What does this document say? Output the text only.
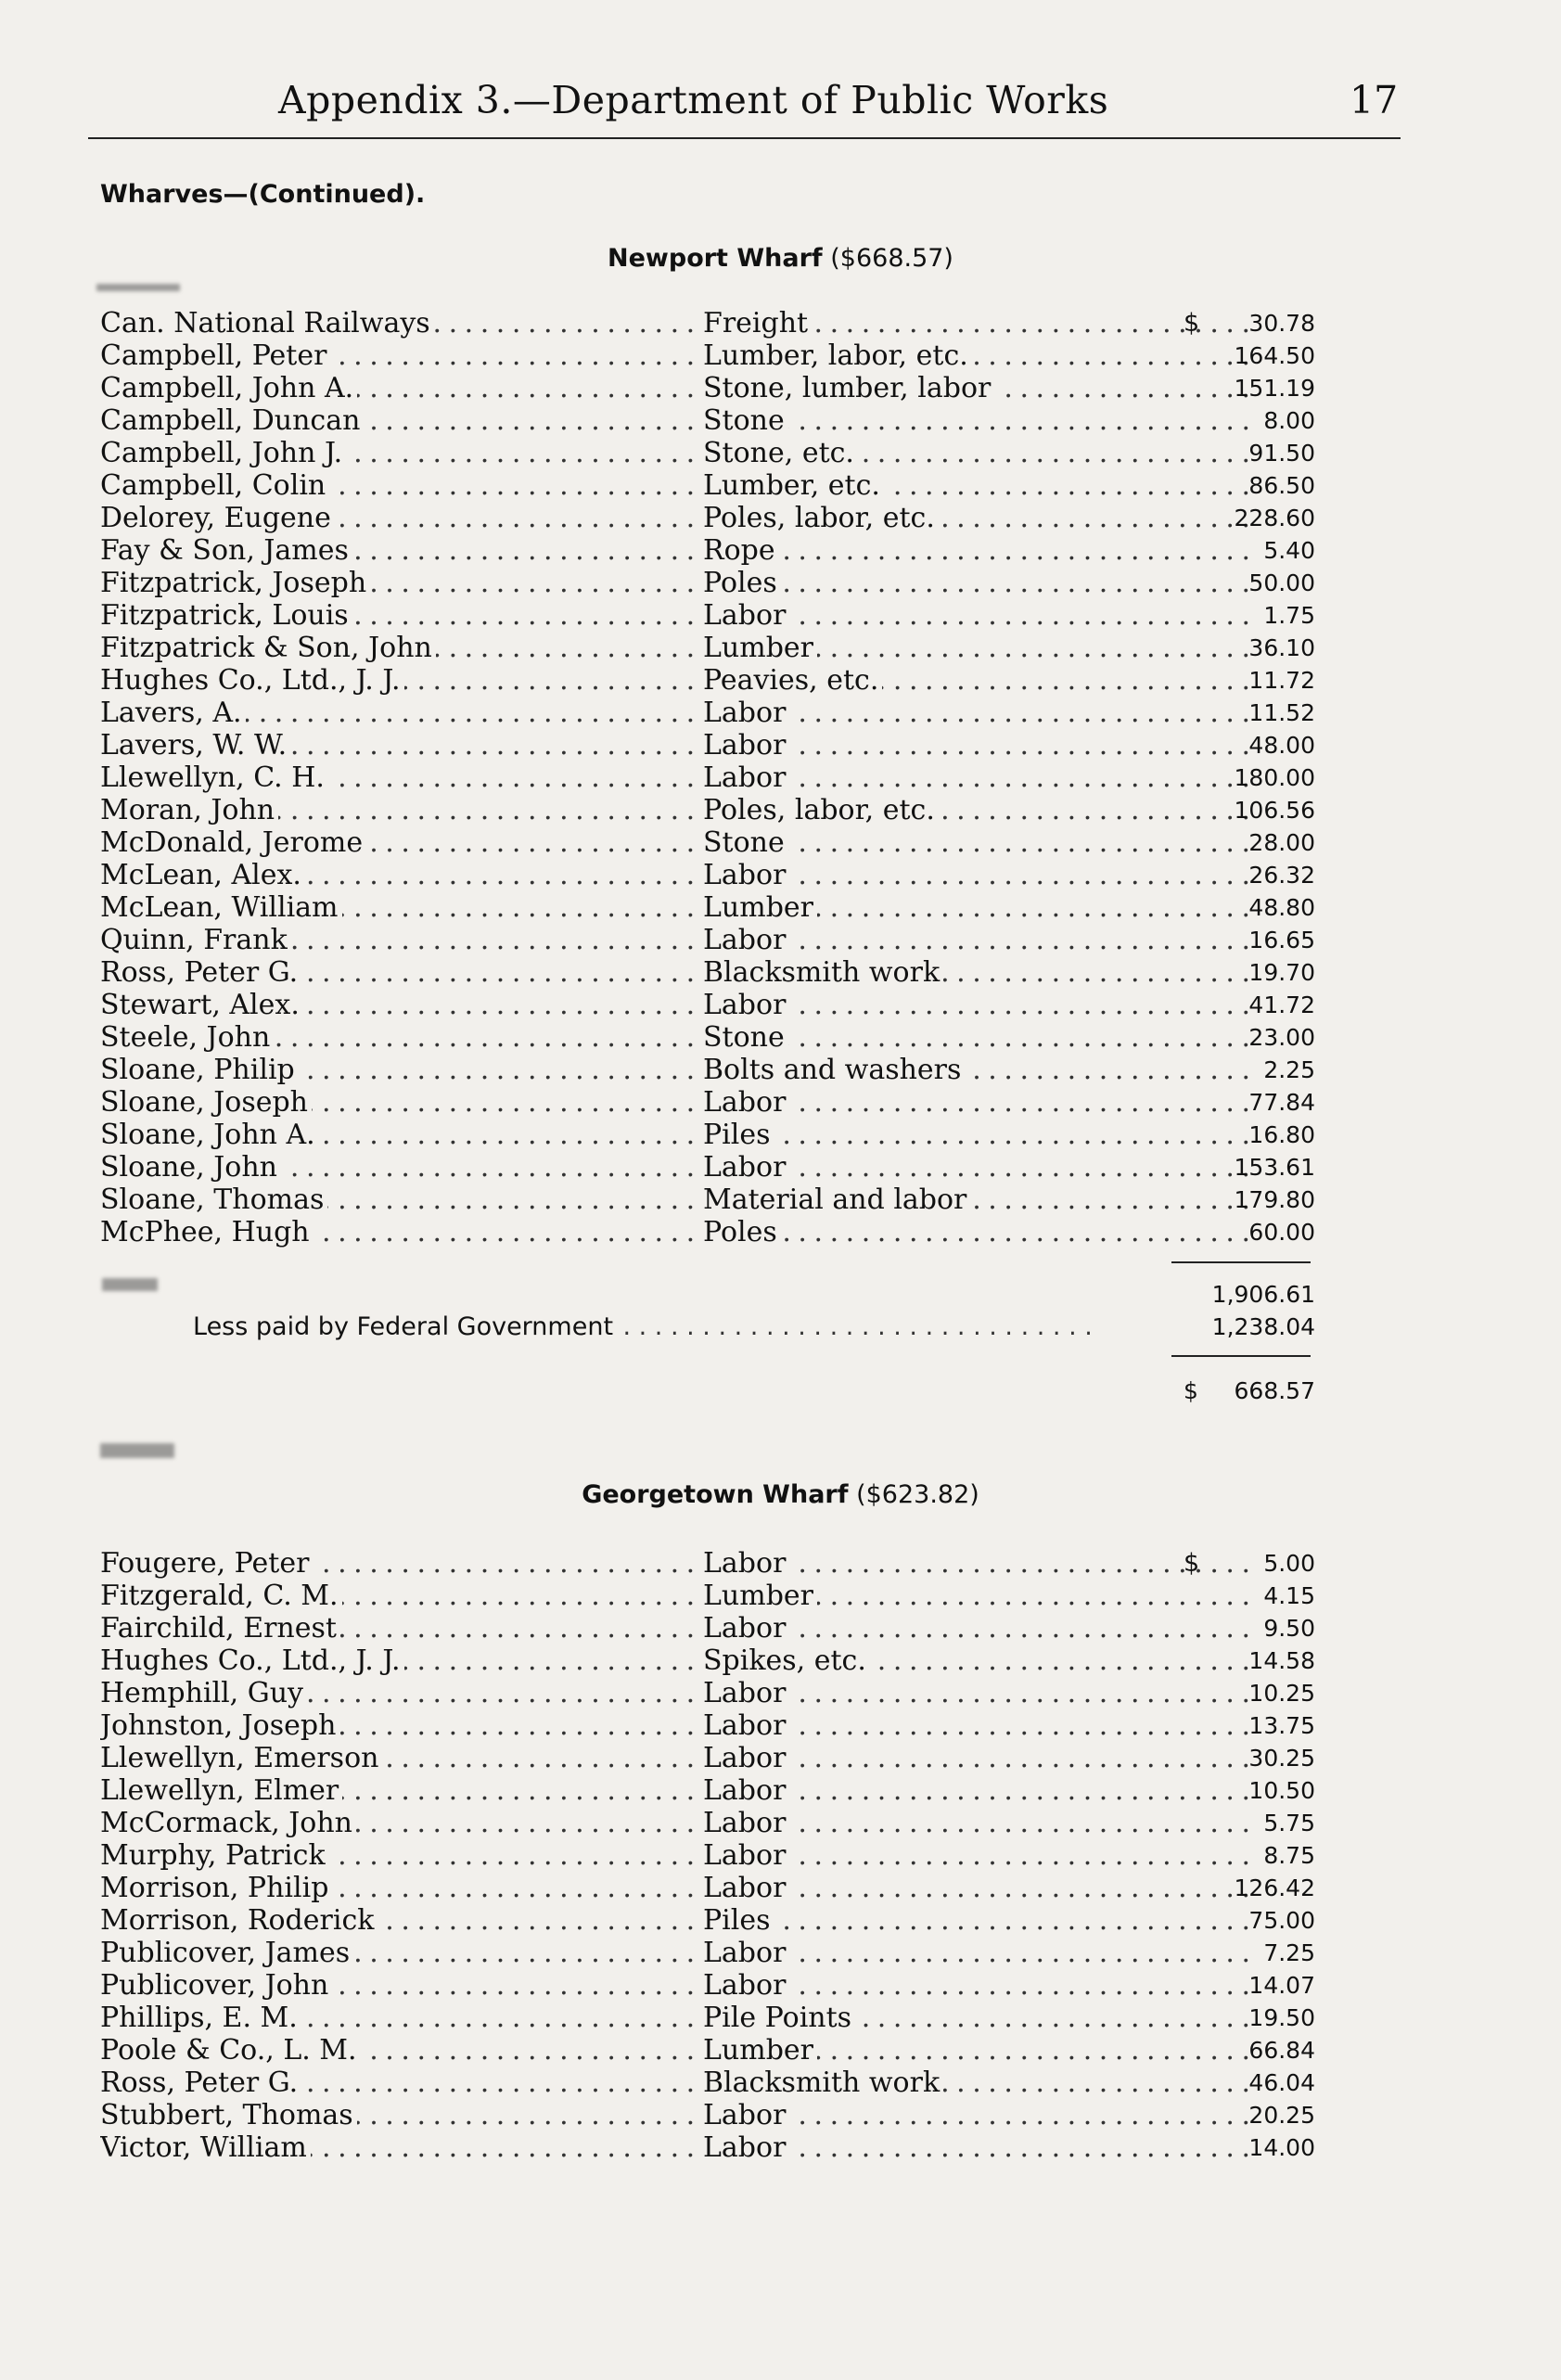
Appendix 3.—Department of Public Works	17
Wharves—(Continued).
Newport Wharf ($668.57)
Can. National Railways . . .	Freight . . .	$	30.78
Campbell, Peter . . .	Lumber, labor, etc. . . .	164.50
Campbell, John A. . . .	Stone, lumber, labor . . .	151.19
Campbell, Duncan . . .	Stone . . .	8.00
Campbell, John J. . . .	Stone, etc. . . .	91.50
Campbell, Colin . . .	Lumber, etc. . . .	86.50
Delorey, Eugene . . .	Poles, labor, etc. . . .	228.60
Fay & Son, James . . .	Rope . . .	5.40
Fitzpatrick, Joseph . . .	Poles . . .	50.00
Fitzpatrick, Louis . . .	Labor . . .	1.75
Fitzpatrick & Son, John . . .	Lumber . . .	36.10
Hughes Co., Ltd., J. J. . . .	Peavies, etc. . . .	11.72
Lavers, A. . . .	Labor . . .	11.52
Lavers, W. W. . . .	Labor . . .	48.00
Llewellyn, C. H. . . .	Labor . . .	180.00
Moran, John . . .	Poles, labor, etc. . . .	106.56
McDonald, Jerome . . .	Stone . . .	28.00
McLean, Alex. . . .	Labor . . .	26.32
McLean, William . . .	Lumber . . .	48.80
Quinn, Frank . . .	Labor . . .	16.65
Ross, Peter G. . . .	Blacksmith work . . .	19.70
Stewart, Alex. . . .	Labor . . .	41.72
Steele, John . . .	Stone . . .	23.00
Sloane, Philip . . .	Bolts and washers . . .	2.25
Sloane, Joseph . . .	Labor . . .	77.84
Sloane, John A. . . .	Piles . . .	16.80
Sloane, John . . .	Labor . . .	153.61
Sloane, Thomas . . .	Material and labor . . .	179.80
McPhee, Hugh . . .	Poles . . .	60.00
1,906.61
Less paid by Federal Government . . .	1,238.04
$	668.57
Georgetown Wharf ($623.82)
Fougere, Peter . . .	Labor . . .	$	5.00
Fitzgerald, C. M. . . .	Lumber . . .	4.15
Fairchild, Ernest . . .	Labor . . .	9.50
Hughes Co., Ltd., J. J. . . .	Spikes, etc. . . .	14.58
Hemphill, Guy . . .	Labor . . .	10.25
Johnston, Joseph . . .	Labor . . .	13.75
Llewellyn, Emerson . . .	Labor . . .	30.25
Llewellyn, Elmer . . .	Labor . . .	10.50
McCormack, John . . .	Labor . . .	5.75
Murphy, Patrick . . .	Labor . . .	8.75
Morrison, Philip . . .	Labor . . .	126.42
Morrison, Roderick . . .	Piles . . .	75.00
Publicover, James . . .	Labor . . .	7.25
Publicover, John . . .	Labor . . .	14.07
Phillips, E. M. . . .	Pile Points . . .	19.50
Poole & Co., L. M. . . .	Lumber . . .	66.84
Ross, Peter G. . . .	Blacksmith work . . .	46.04
Stubbert, Thomas . . .	Labor . . .	20.25
Victor, William . . .	Labor . . .	14.00
